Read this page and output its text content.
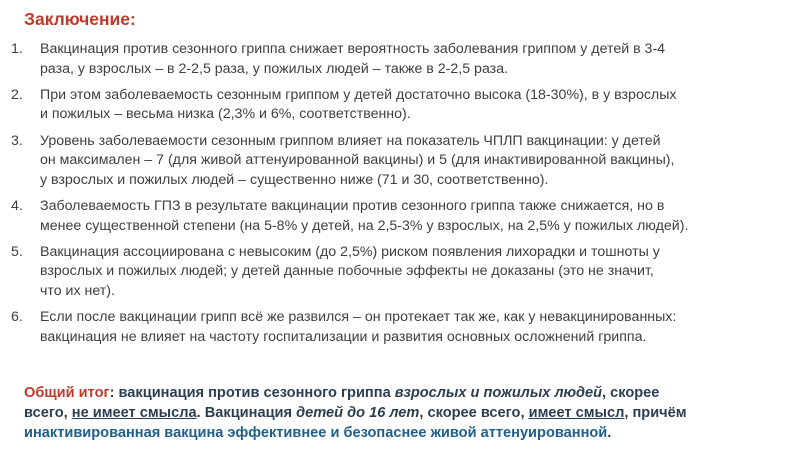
Заключение:
1. Вакцинация против сезонного гриппа снижает вероятность заболевания гриппом у детей в 3-4
раза, у взрослых – в 2-2,5 раза, у пожилых людей – также в 2-2,5 раза.
2. При этом заболеваемость сезонным гриппом у детей достаточно высока (18-30%), в у взрослых
и пожилых – весьма низка (2,3% и 6%, соответственно).
3. Уровень заболеваемости сезонным гриппом влияет на показатель ЧПЛП вакцинации: у детей
он максимален – 7 (для живой аттенуированной вакцины) и 5 (для инактивированной вакцины),
у взрослых и пожилых людей – существенно ниже (71 и 30, соответственно).
4. Заболеваемость ГПЗ в результате вакцинации против сезонного гриппа также снижается, но в
менее существенной степени (на 5-8% у детей, на 2,5-3% у взрослых, на 2,5% у пожилых людей).
5. Вакцинация ассоциирована с невысоким (до 2,5%) риском появления лихорадки и тошноты у
взрослых и пожилых людей; у детей данные побочные эффекты не доказаны (это не значит,
что их нет).
6. Если после вакцинации грипп всё же развился – он протекает так же, как у невакцинированных:
вакцинация не влияет на частоту госпитализации и развития основных осложнений гриппа.
Общий итог: вакцинация против сезонного гриппа взрослых и пожилых людей, скорее
всего, не имеет смысла. Вакцинация детей до 16 лет, скорее всего, имеет смысл, причём
инактивированная вакцина эффективнее и безопаснее живой аттенуированной.
